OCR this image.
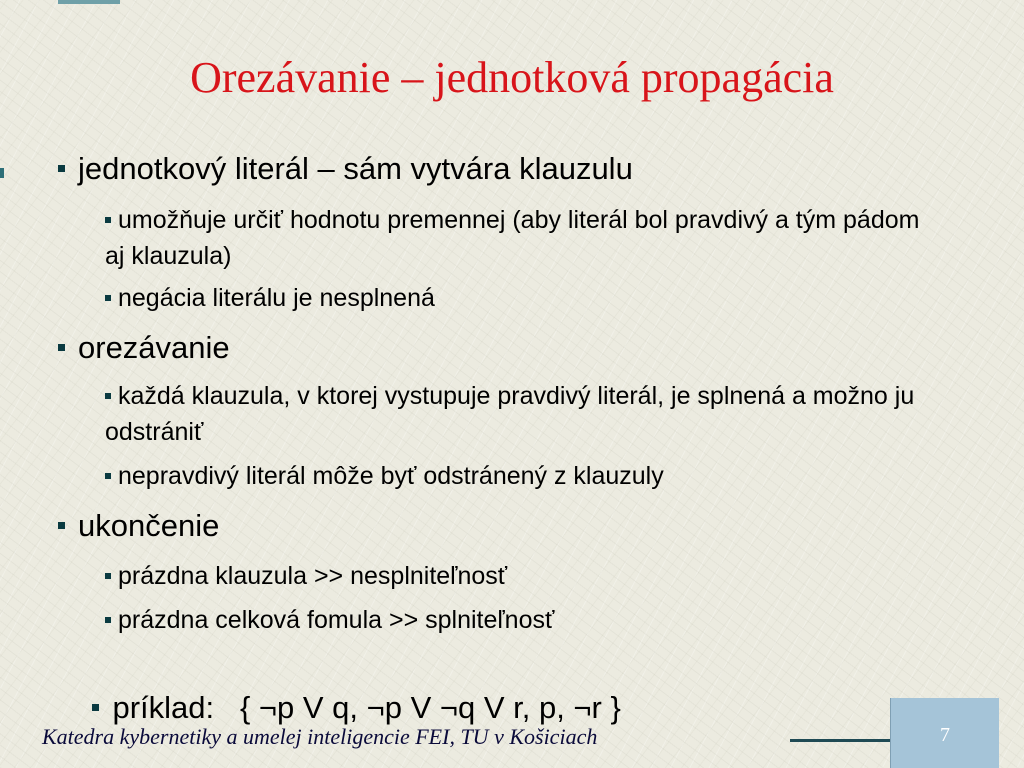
Orezávanie – jednotková propagácia
jednotkový literál – sám vytvára klauzulu
umožňuje určiť hodnotu premennej (aby literál bol pravdivý a tým pádom aj klauzula)
negácia literálu je nesplnená
orezávanie
každá klauzula, v ktorej vystupuje pravdivý literál, je splnená a možno ju odstrániť
nepravdivý literál môže byť odstránený z klauzuly
ukončenie
prázdna klauzula >> nesplniteľnosť
prázdna celková fomula >> splniteľnosť

príklad:   { ¬p V q, ¬p V ¬q V r, p, ¬r }

Katedra kybernetiky a umelej inteligencie FEI, TU v Košiciach	7
